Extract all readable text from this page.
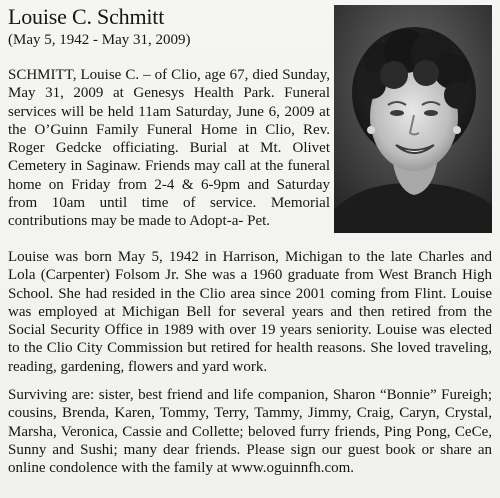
Louise C. Schmitt
(May 5, 1942 - May 31, 2009)

SCHMITT, Louise C. – of Clio, age 67, died Sunday, May 31, 2009 at Genesys Health Park. Funeral services will be held 11am Saturday, June 6, 2009 at the O’Guinn Family Funeral Home in Clio, Rev. Roger Gedcke officiating. Burial at Mt. Olivet Cemetery in Saginaw. Friends may call at the funeral home on Friday from 2-4 & 6-9pm and Saturday from 10am until time of service. Memorial contributions may be made to Adopt-a- Pet.

Louise was born May 5, 1942 in Harrison, Michigan to the late Charles and Lola (Carpenter) Folsom Jr. She was a 1960 graduate from West Branch High School. She had resided in the Clio area since 2001 coming from Flint. Louise was employed at Michigan Bell for several years and then retired from the Social Security Office in 1989 with over 19 years seniority. Louise was elected to the Clio City Commission but retired for health reasons. She loved traveling, reading, gardening, flowers and yard work.

Surviving are: sister, best friend and life companion, Sharon “Bonnie” Fureigh; cousins, Brenda, Karen, Tommy, Terry, Tammy, Jimmy, Craig, Caryn, Crystal, Marsha, Veronica, Cassie and Collette; beloved furry friends, Ping Pong, CeCe, Sunny and Sushi; many dear friends. Please sign our guest book or share an online condolence with the family at www.oguinnfh.com.
